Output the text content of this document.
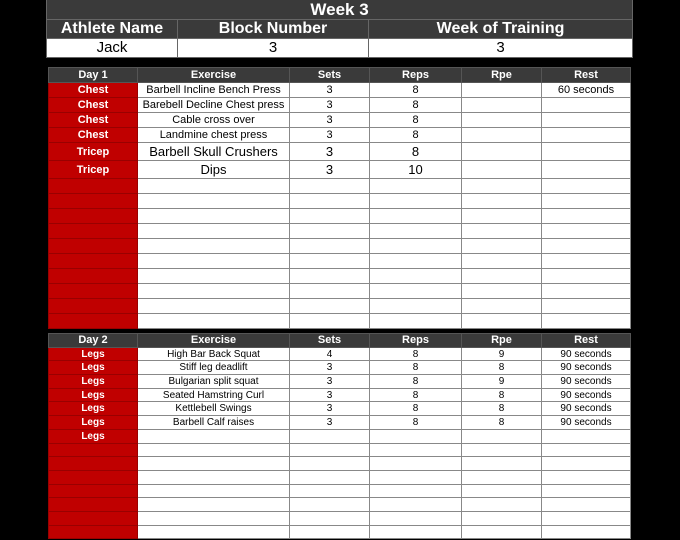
Week 3		
Athlete Name	Block Number	Week of Training
Jack	3	3
Day 1	Exercise	Sets	Reps	Rpe	Rest
Chest	Barbell Incline Bench Press	3	8		60 seconds
Chest	Barebell Decline Chest press	3	8		
Chest	Cable cross over	3	8		
Chest	Landmine chest press	3	8		
Tricep	Barbell Skull Crushers	3	8		
Tricep	Dips	3	10		

Day 2	Exercise	Sets	Reps	Rpe	Rest
Legs	High Bar Back Squat	4	8	9	90 seconds
Legs	Stiff leg deadlift	3	8	8	90 seconds
Legs	Bulgarian split squat	3	8	9	90 seconds
Legs	Seated Hamstring Curl	3	8	8	90 seconds
Legs	Kettlebell Swings	3	8	8	90 seconds
Legs	Barbell Calf raises	3	8	8	90 seconds
Legs					
